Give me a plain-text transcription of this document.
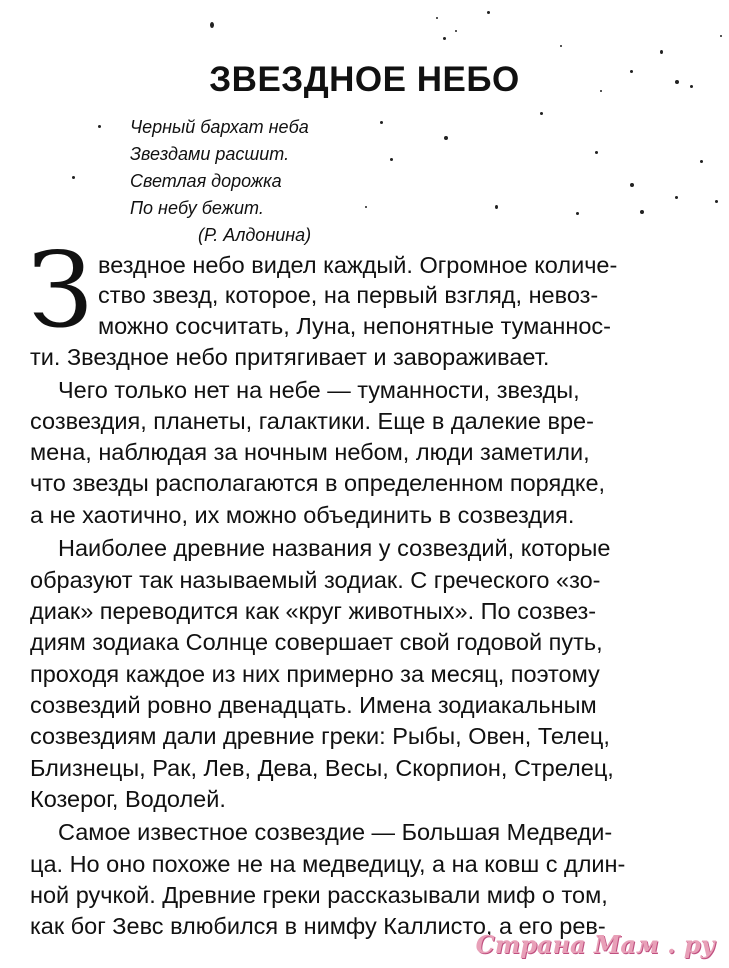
ЗВЕЗДНОЕ НЕБО
Черный бархат неба
Звездами расшит.
Светлая дорожка
По небу бежит.
(Р. Алдонина)
З вездное небо видел каждый. Огромное количе-
ство звезд, которое, на первый взгляд, невоз-
можно сосчитать, Луна, непонятные туманнос-
ти. Звездное небо притягивает и завораживает.
Чего только нет на небе — туманности, звезды,
созвездия, планеты, галактики. Еще в далекие вре-
мена, наблюдая за ночным небом, люди заметили,
что звезды располагаются в определенном порядке,
а не хаотично, их можно объединить в созвездия.
Наиболее древние названия у созвездий, которые
образуют так называемый зодиак. С греческого «зо-
диак» переводится как «круг животных». По созвез-
диям зодиака Солнце совершает свой годовой путь,
проходя каждое из них примерно за месяц, поэтому
созвездий ровно двенадцать. Имена зодиакальным
созвездиям дали древние греки: Рыбы, Овен, Телец,
Близнецы, Рак, Лев, Дева, Весы, Скорпион, Стрелец,
Козерог, Водолей.
Самое известное созвездие — Большая Медведи-
ца. Но оно похоже не на медведицу, а на ковш с длин-
ной ручкой. Древние греки рассказывали миф о том,
как бог Зевс влюбился в нимфу Каллисто, а его рев-
Страна Мам . ру
